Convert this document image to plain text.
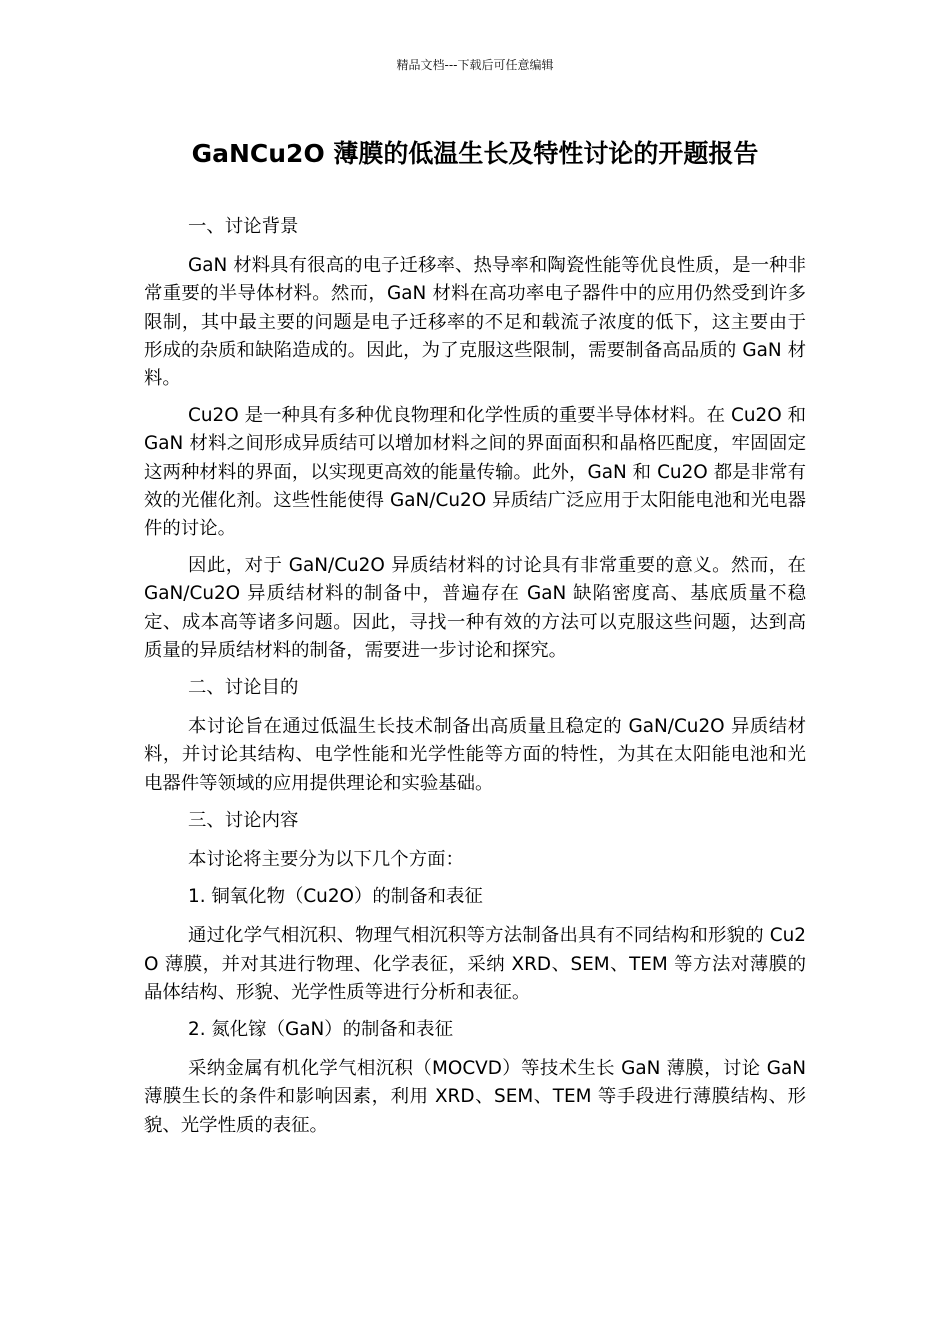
精品文档---下载后可任意编辑
GaNCu2O 薄膜的低温生长及特性讨论的开题报告

一、讨论背景

GaN 材料具有很高的电子迁移率、热导率和陶瓷性能等优良性质，是一种非常重要的半导体材料。然而，GaN 材料在高功率电子器件中的应用仍然受到许多限制，其中最主要的问题是电子迁移率的不足和载流子浓度的低下，这主要由于形成的杂质和缺陷造成的。因此，为了克服这些限制，需要制备高品质的 GaN 材料。

Cu2O 是一种具有多种优良物理和化学性质的重要半导体材料。在 Cu2O 和 GaN 材料之间形成异质结可以增加材料之间的界面面积和晶格匹配度，牢固固定这两种材料的界面，以实现更高效的能量传输。此外，GaN 和 Cu2O 都是非常有效的光催化剂。这些性能使得 GaN/Cu2O 异质结广泛应用于太阳能电池和光电器件的讨论。

因此，对于 GaN/Cu2O 异质结材料的讨论具有非常重要的意义。然而，在 GaN/Cu2O 异质结材料的制备中，普遍存在 GaN 缺陷密度高、基底质量不稳定、成本高等诸多问题。因此，寻找一种有效的方法可以克服这些问题，达到高质量的异质结材料的制备，需要进一步讨论和探究。

二、讨论目的

本讨论旨在通过低温生长技术制备出高质量且稳定的 GaN/Cu2O 异质结材料，并讨论其结构、电学性能和光学性能等方面的特性，为其在太阳能电池和光电器件等领域的应用提供理论和实验基础。

三、讨论内容

本讨论将主要分为以下几个方面：

1. 铜氧化物（Cu2O）的制备和表征

通过化学气相沉积、物理气相沉积等方法制备出具有不同结构和形貌的 Cu2O 薄膜，并对其进行物理、化学表征，采纳 XRD、SEM、TEM 等方法对薄膜的晶体结构、形貌、光学性质等进行分析和表征。

2. 氮化镓（GaN）的制备和表征

采纳金属有机化学气相沉积（MOCVD）等技术生长 GaN 薄膜，讨论 GaN 薄膜生长的条件和影响因素，利用 XRD、SEM、TEM 等手段进行薄膜结构、形貌、光学性质的表征。
